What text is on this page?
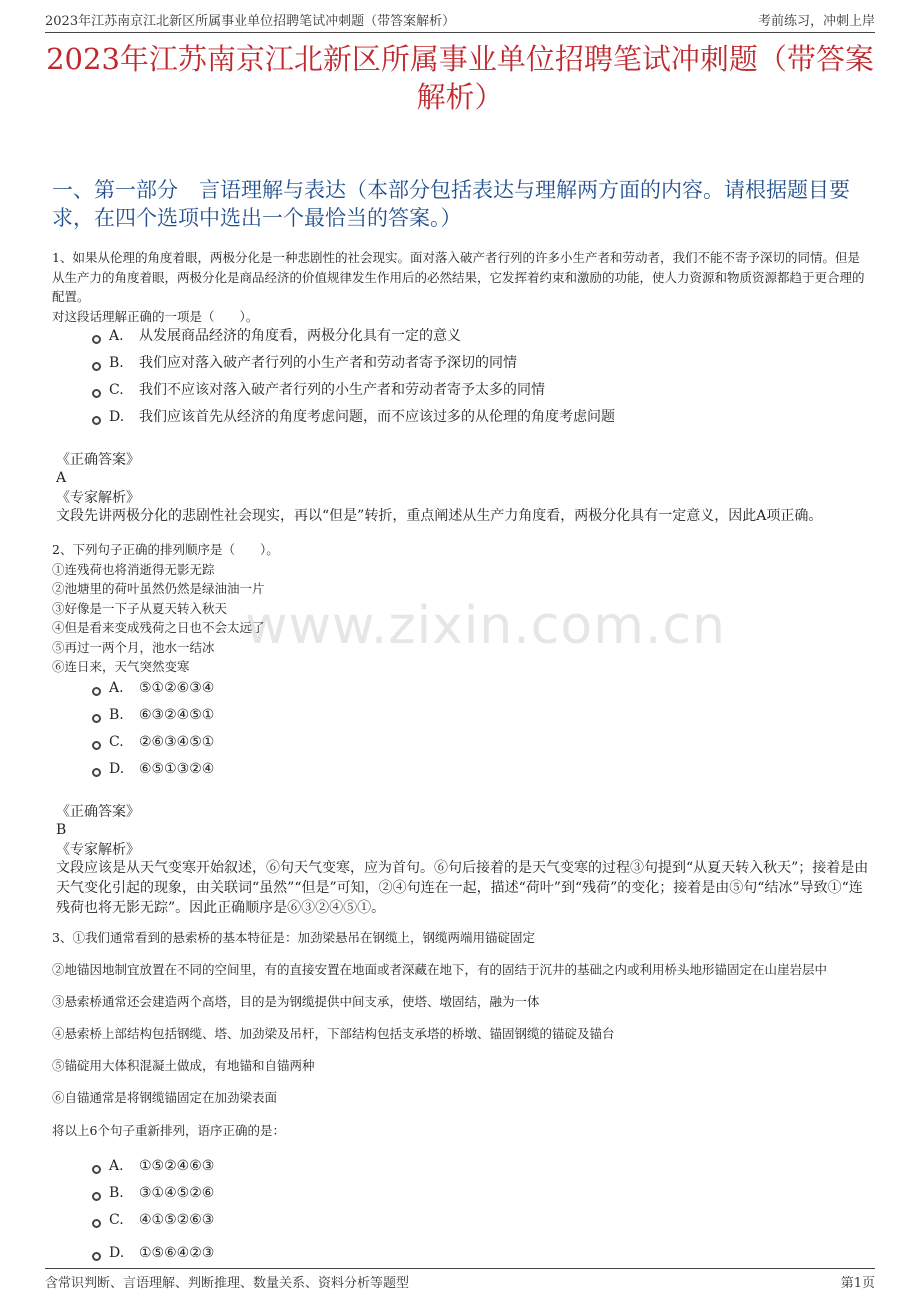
2023年江苏南京江北新区所属事业单位招聘笔试冲刺题（带答案解析）	考前练习，冲刺上岸
2023年江苏南京江北新区所属事业单位招聘笔试冲刺题（带答案解析）
一、第一部分　言语理解与表达（本部分包括表达与理解两方面的内容。请根据题目要求，在四个选项中选出一个最恰当的答案。）
www.zixin.com.cn

1、如果从伦理的角度着眼，两极分化是一种悲剧性的社会现实。面对落入破产者行列的许多小生产者和劳动者，我们不能不寄予深切的同情。但是从生产力的角度着眼，两极分化是商品经济的价值规律发生作用后的必然结果，它发挥着约束和激励的功能，使人力资源和物质资源都趋于更合理的配置。

对这段话理解正确的一项是（　　）。

A.	从发展商品经济的角度看，两极分化具有一定的意义
B.	我们应对落入破产者行列的小生产者和劳动者寄予深切的同情
C.	我们不应该对落入破产者行列的小生产者和劳动者寄予太多的同情
D.	我们应该首先从经济的角度考虑问题，而不应该过多的从伦理的角度考虑问题
《正确答案》
A
《专家解析》
文段先讲两极分化的悲剧性社会现实，再以“但是”转折，重点阐述从生产力角度看，两极分化具有一定意义，因此A项正确。

2、下列句子正确的排列顺序是（　　）。

①连残荷也将消逝得无影无踪

②池塘里的荷叶虽然仍然是绿油油一片

③好像是一下子从夏天转入秋天

④但是看来变成残荷之日也不会太远了

⑤再过一两个月，池水一结冰

⑥连日来，天气突然变寒

A.	⑤①②⑥③④
B.	⑥③②④⑤①
C.	②⑥③④⑤①
D.	⑥⑤①③②④
《正确答案》
B
《专家解析》
文段应该是从天气变寒开始叙述，⑥句天气变寒，应为首句。⑥句后接着的是天气变寒的过程③句提到“从夏天转入秋天”；接着是由天气变化引起的现象，由关联词“虽然”“但是”可知，②④句连在一起，描述“荷叶”到“残荷”的变化；接着是由⑤句“结冰”导致①“连残荷也将无影无踪”。因此正确顺序是⑥③②④⑤①。
3、①我们通常看到的悬索桥的基本特征是：加劲梁悬吊在钢缆上，钢缆两端用锚碇固定
②地锚因地制宜放置在不同的空间里，有的直接安置在地面或者深藏在地下，有的固结于沉井的基础之内或利用桥头地形锚固定在山崖岩层中
③悬索桥通常还会建造两个高塔，目的是为钢缆提供中间支承，使塔、墩固结，融为一体
④悬索桥上部结构包括钢缆、塔、加劲梁及吊杆，下部结构包括支承塔的桥墩、锚固钢缆的锚碇及锚台
⑤锚碇用大体积混凝土做成，有地锚和自锚两种
⑥自锚通常是将钢缆锚固定在加劲梁表面
将以上6个句子重新排列，语序正确的是：
A.	①⑤②④⑥③
B.	③①④⑤②⑥
C.	④①⑤②⑥③
D.	①⑤⑥④②③
含常识判断、言语理解、判断推理、数量关系、资料分析等题型	第1页
